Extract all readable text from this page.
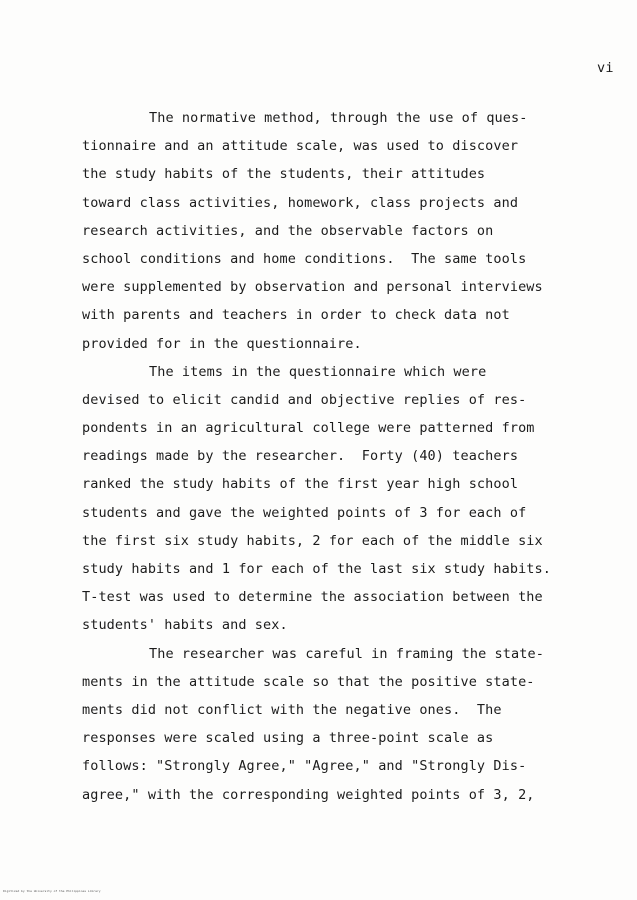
vi
The normative method, through the use of ques-
tionnaire and an attitude scale, was used to discover
the study habits of the students, their attitudes
toward class activities, homework, class projects and
research activities, and the observable factors on
school conditions and home conditions.  The same tools
were supplemented by observation and personal interviews
with parents and teachers in order to check data not
provided for in the questionnaire.
The items in the questionnaire which were
devised to elicit candid and objective replies of res-
pondents in an agricultural college were patterned from
readings made by the researcher.  Forty (40) teachers
ranked the study habits of the first year high school
students and gave the weighted points of 3 for each of
the first six study habits, 2 for each of the middle six
study habits and 1 for each of the last six study habits.
T-test was used to determine the association between the
students' habits and sex.
The researcher was careful in framing the state-
ments in the attitude scale so that the positive state-
ments did not conflict with the negative ones.  The
responses were scaled using a three-point scale as
follows: "Strongly Agree," "Agree," and "Strongly Dis-
agree," with the corresponding weighted points of 3, 2,
Digitized by the University of the Philippines Library
